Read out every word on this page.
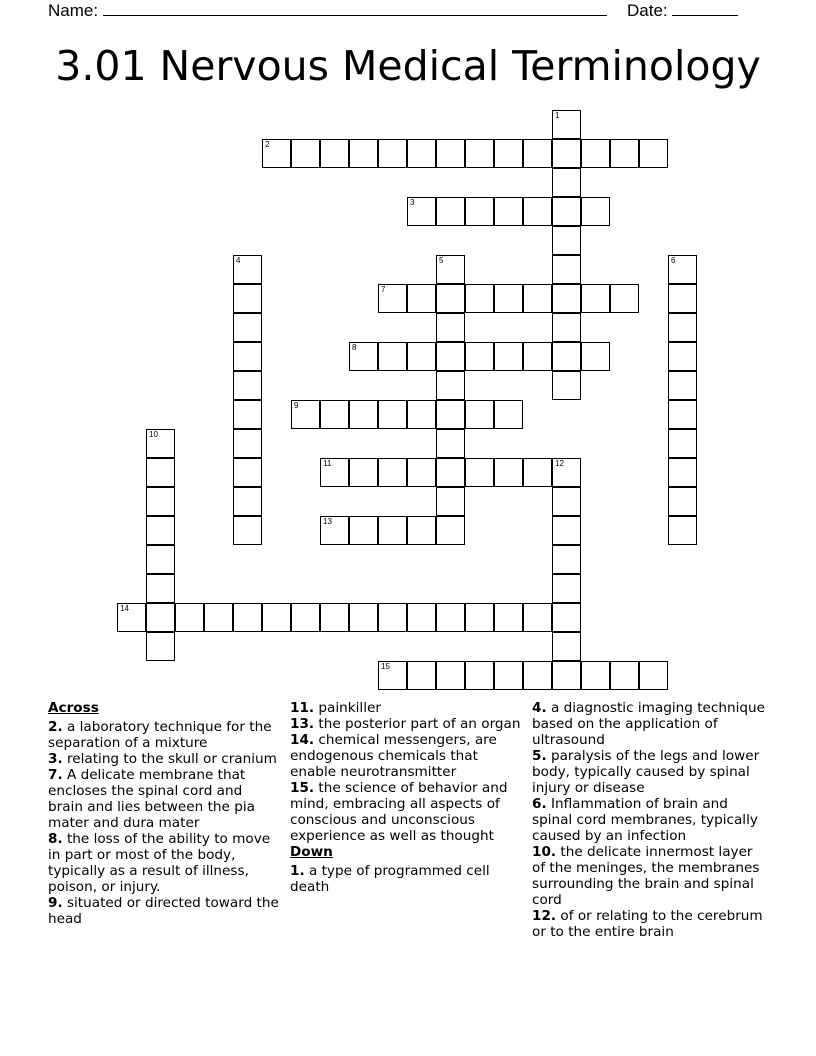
Name:	Date:
3.01 Nervous Medical Terminology
1
2
3
4	5	6
7
8
9
10
11	12
13
14
15
Across
2. a laboratory technique for the separation of a mixture
3. relating to the skull or cranium
7. A delicate membrane that encloses the spinal cord and brain and lies between the pia mater and dura mater
8. the loss of the ability to move in part or most of the body, typically as a result of illness, poison, or injury.
9. situated or directed toward the head
11. painkiller
13. the posterior part of an organ
14. chemical messengers, are endogenous chemicals that enable neurotransmitter
15. the science of behavior and mind, embracing all aspects of conscious and unconscious experience as well as thought
Down
1. a type of programmed cell death
4. a diagnostic imaging technique based on the application of ultrasound
5. paralysis of the legs and lower body, typically caused by spinal injury or disease
6. Inflammation of brain and spinal cord membranes, typically caused by an infection
10. the delicate innermost layer of the meninges, the membranes surrounding the brain and spinal cord
12. of or relating to the cerebrum or to the entire brain
